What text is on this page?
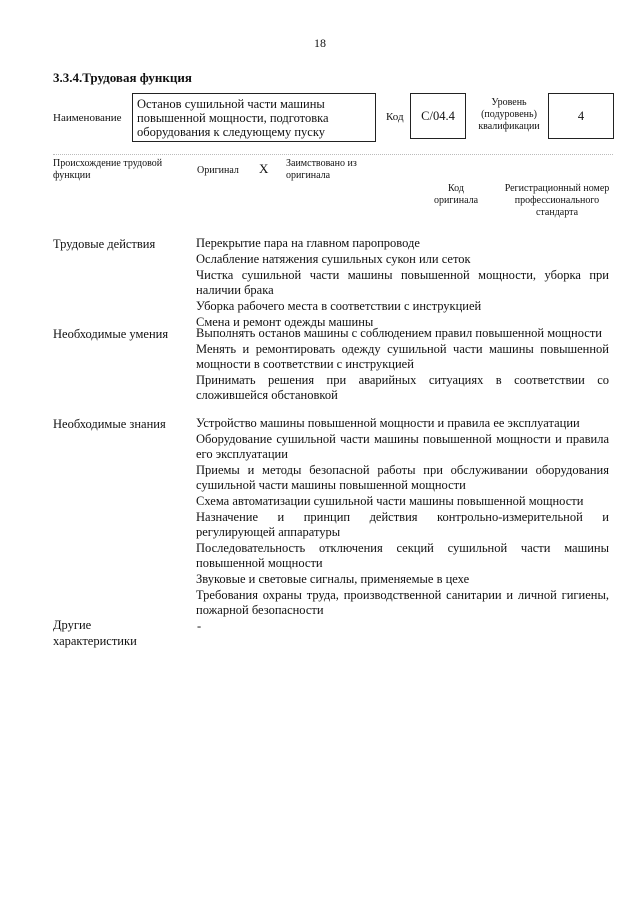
18
3.3.4.Трудовая функция
Наименование
Останов сушильной части машины повышенной мощности, подготовка оборудования к следующему пуску
Код С/04.4
Уровень (подуровень) квалификации
4
Происхождение трудовой функции	Оригинал X Заимствовано из оригинала
Код оригинала
Регистрационный номер профессионального стандарта
Трудовые действия	Перекрытие пара на главном паропроводе

Ослабление натяжения сушильных сукон или сеток

Чистка сушильной части машины повышенной мощности, уборка при наличии брака

Уборка рабочего места в соответствии с инструкцией

Смена и ремонт одежды машины

Необходимые умения Выполнять останов машины с соблюдением правил повышенной мощности

Менять и ремонтировать одежду сушильной части машины повышенной мощности в соответствии с инструкцией

Принимать решения при аварийных ситуациях в соответствии со сложившейся обстановкой

Необходимые знания Устройство машины повышенной мощности и правила ее эксплуатации

Оборудование сушильной части машины повышенной мощности и правила его эксплуатации

Приемы и методы безопасной работы при обслуживании оборудования сушильной части машины повышенной мощности

Схема автоматизации сушильной части машины повышенной мощности

Назначение и принцип действия контрольно-измерительной и регулирующей аппаратуры

Последовательность отключения секций сушильной части машины повышенной мощности

Звуковые и световые сигналы, применяемые в цехе

Требования охраны труда, производственной санитарии и личной гигиены, пожарной безопасности

Другие
характеристики
-
